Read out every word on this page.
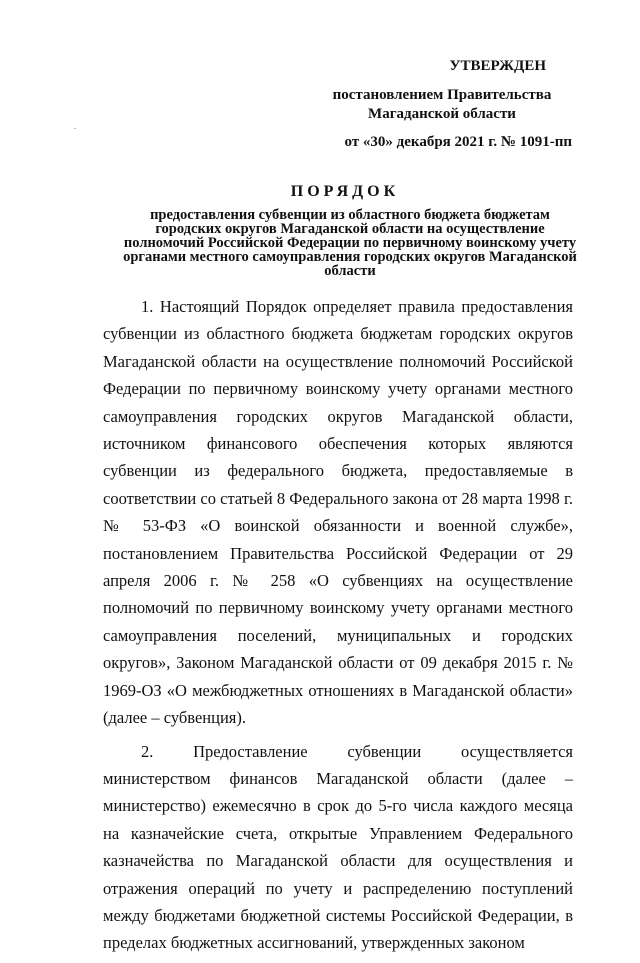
УТВЕРЖДЕН
постановлением Правительства
Магаданской области
от «30» декабря 2021 г. № 1091-пп
ПОРЯДОК
предоставления субвенции из областного бюджета бюджетам
городских округов Магаданской области на осуществление
полномочий Российской Федерации по первичному воинскому учету
органами местного самоуправления городских округов Магаданской
области

1. Настоящий Порядок определяет правила предоставления субвенции из областного бюджета бюджетам городских округов Магаданской области на осуществление полномочий Российской Федерации по первичному воинскому учету органами местного самоуправления городских округов Магаданской области, источником финансового обеспечения которых являются субвенции из федерального бюджета, предоставляемые в соответствии со статьей 8 Федерального закона от 28 марта 1998 г. № 53-ФЗ «О воинской обязанности и военной службе», постановлением Правительства Российской Федерации от 29 апреля 2006 г. № 258 «О субвенциях на осуществление полномочий по первичному воинскому учету органами местного самоуправления поселений, муниципальных и городских округов», Законом Магаданской области от 09 декабря 2015 г. № 1969-ОЗ «О межбюджетных отношениях в Магаданской области» (далее – субвенция).

2. Предоставление субвенции осуществляется министерством финансов Магаданской области (далее – министерство) ежемесячно в срок до 5-го числа каждого месяца на казначейские счета, открытые Управлением Федерального казначейства по Магаданской области для осуществления и отражения операций по учету и распределению поступлений между бюджетами бюджетной системы Российской Федерации, в пределах бюджетных ассигнований, утвержденных законом
